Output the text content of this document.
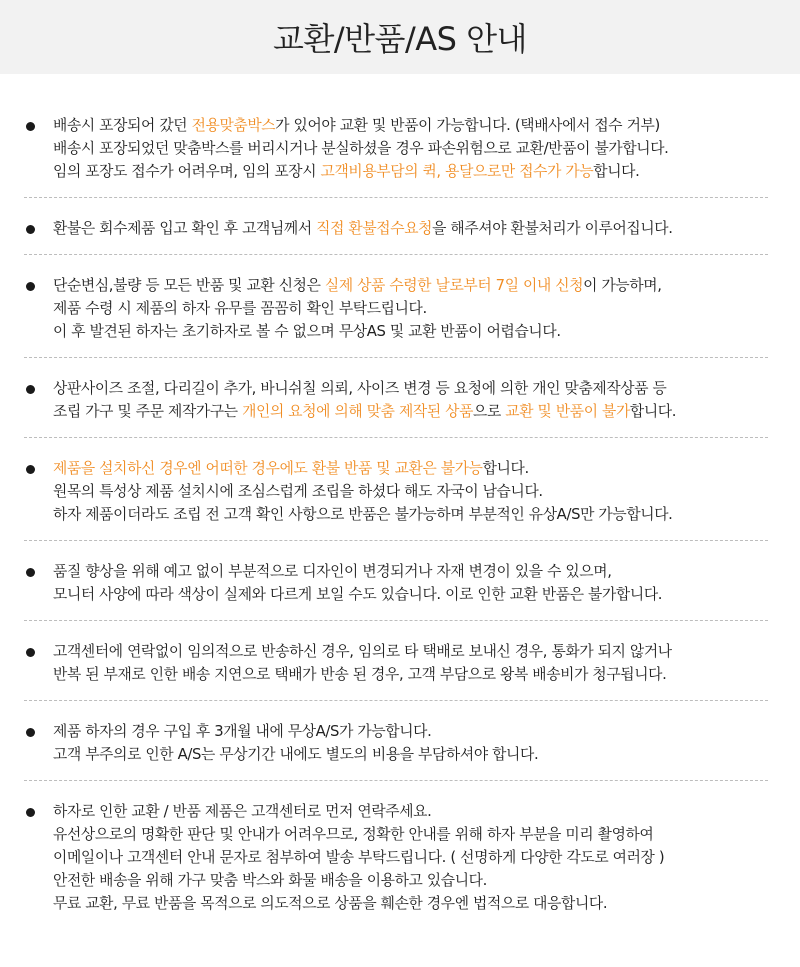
교환/반품/AS 안내
배송시 포장되어 갔던 전용맞춤박스가 있어야 교환 및 반품이 가능합니다. (택배사에서 접수 거부)
배송시 포장되었던 맞춤박스를 버리시거나 분실하셨을 경우 파손위험으로 교환/반품이 불가합니다.
임의 포장도 접수가 어려우며, 임의 포장시 고객비용부담의 퀵, 용달으로만 접수가 가능합니다.
환불은 회수제품 입고 확인 후 고객님께서 직접 환불접수요청을 해주셔야 환불처리가 이루어집니다.
단순변심,불량 등 모든 반품 및 교환 신청은 실제 상품 수령한 날로부터 7일 이내 신청이 가능하며,
제품 수령 시 제품의 하자 유무를 꼼꼼히 확인 부탁드립니다.
이 후 발견된 하자는 초기하자로 볼 수 없으며 무상AS 및 교환 반품이 어렵습니다.
상판사이즈 조절, 다리길이 추가, 바니쉬칠 의뢰, 사이즈 변경 등 요청에 의한 개인 맞춤제작상품 등
조립 가구 및 주문 제작가구는 개인의 요청에 의해 맞춤 제작된 상품으로 교환 및 반품이 불가합니다.
제품을 설치하신 경우엔 어떠한 경우에도 환불 반품 및 교환은 불가능합니다.
원목의 특성상 제품 설치시에 조심스럽게 조립을 하셨다 해도 자국이 남습니다.
하자 제품이더라도 조립 전 고객 확인 사항으로 반품은 불가능하며 부분적인 유상A/S만 가능합니다.
품질 향상을 위해 예고 없이 부분적으로 디자인이 변경되거나 자재 변경이 있을 수 있으며,
모니터 사양에 따라 색상이 실제와 다르게 보일 수도 있습니다. 이로 인한 교환 반품은 불가합니다.
고객센터에 연락없이 임의적으로 반송하신 경우, 임의로 타 택배로 보내신 경우, 통화가 되지 않거나
반복 된 부재로 인한 배송 지연으로 택배가 반송 된 경우, 고객 부담으로 왕복 배송비가 청구됩니다.
제품 하자의 경우 구입 후 3개월 내에 무상A/S가 가능합니다.
고객 부주의로 인한 A/S는 무상기간 내에도 별도의 비용을 부담하셔야 합니다.
하자로 인한 교환 / 반품 제품은 고객센터로 먼저 연락주세요.
유선상으로의 명확한 판단 및 안내가 어려우므로, 정확한 안내를 위해 하자 부분을 미리 촬영하여
이메일이나 고객센터 안내 문자로 첨부하여 발송 부탁드립니다. ( 선명하게 다양한 각도로 여러장 )
안전한 배송을 위해 가구 맞춤 박스와 화물 배송을 이용하고 있습니다.
무료 교환, 무료 반품을 목적으로 의도적으로 상품을 훼손한 경우엔 법적으로 대응합니다.
